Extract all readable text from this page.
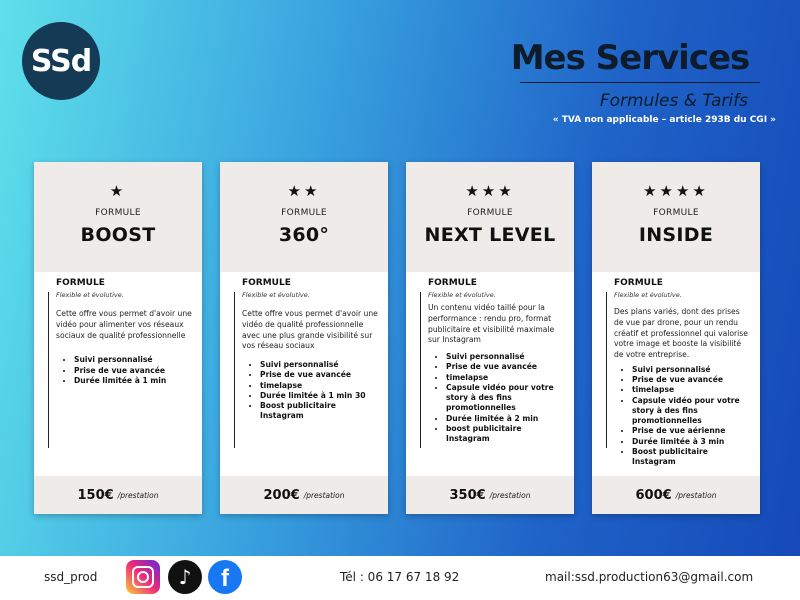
SSd	Mes Services
Formules & Tarifs
« TVA non applicable – article 293B du CGI »
★
FORMULE
BOOST
FORMULE
Flexible et évolutive.
Cette offre vous permet d'avoir une vidéo pour alimenter vos réseaux sociaux de qualité professionnelle
• Suivi personnalisé
• Prise de vue avancée
• Durée limitée à 1 min
150€ /prestation
★★
FORMULE
360°
FORMULE
Flexible et évolutive.
Cette offre vous permet d'avoir une vidéo de qualité professionnelle avec une plus grande visibilité sur vos réseau sociaux
• Suivi personnalisé
• Prise de vue avancée
• timelapse
• Durée limitée à 1 min 30
• Boost publicitaire Instagram
200€ /prestation
★★★
FORMULE
NEXT LEVEL
FORMULE
Flexible et évolutive.
Un contenu vidéo taillé pour la performance : rendu pro, format publicitaire et visibilité maximale sur Instagram
• Suivi personnalisé
• Prise de vue avancée
• timelapse
• Capsule vidéo pour votre story à des fins promotionnelles
• Durée limitée à 2 min
• boost publicitaire Instagram
350€ /prestation
★★★★
FORMULE
INSIDE
FORMULE
Flexible et évolutive.
Des plans variés, dont des prises de vue par drone, pour un rendu créatif et professionnel qui valorise votre image et booste la visibilité de votre entreprise.
• Suivi personnalisé
• Prise de vue avancée
• timelapse
• Capsule vidéo pour votre story à des fins promotionnelles
• Prise de vue aérienne
• Durée limitée à 3 min
• Boost publicitaire Instagram
600€ /prestation
ssd_prod	♪	f	Tél : 06 17 67 18 92	mail:ssd.production63@gmail.com
